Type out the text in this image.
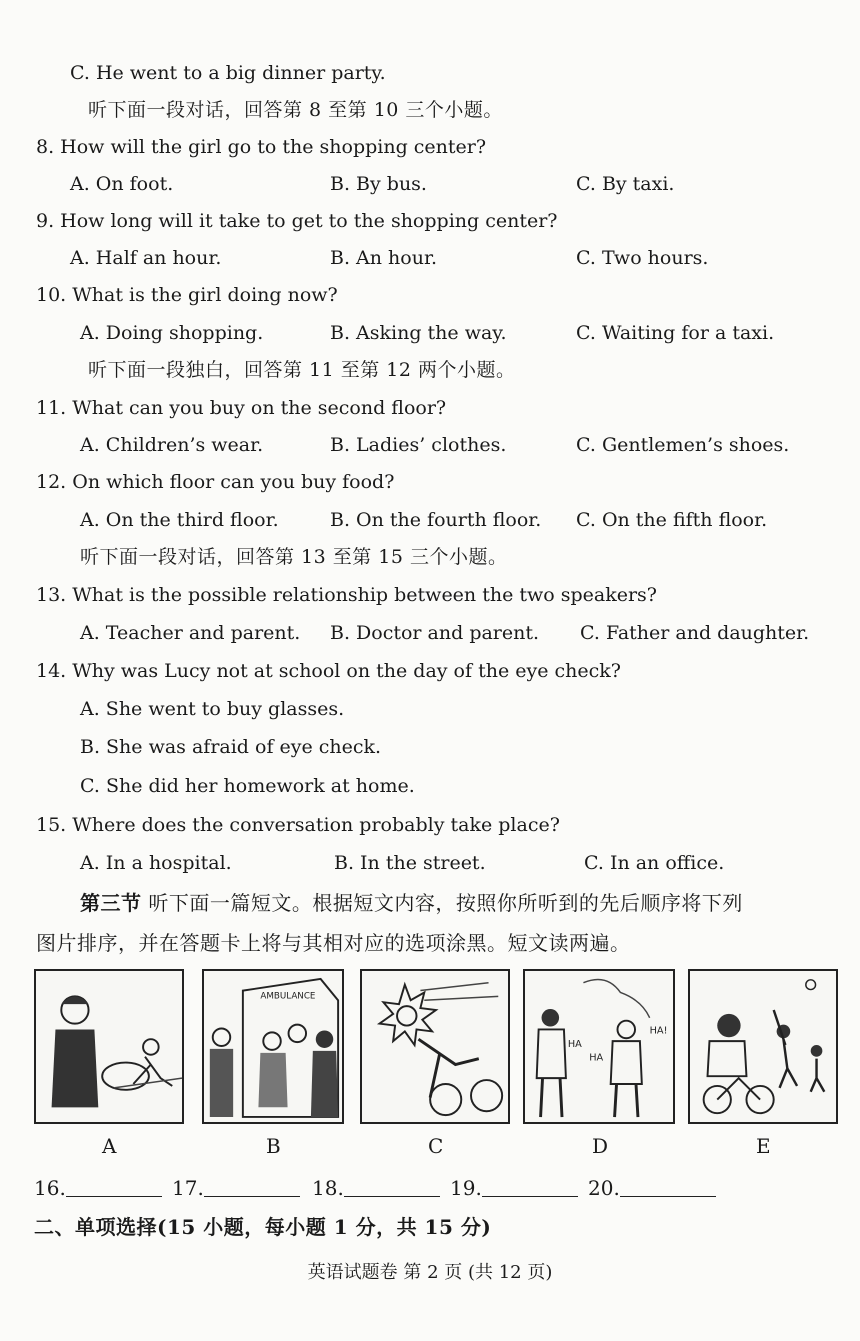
C. He went to a big dinner party.
听下面一段对话，回答第 8 至第 10 三个小题。
8. How will the girl go to the shopping center?
A. On foot.	B. By bus.	C. By taxi.
9. How long will it take to get to the shopping center?
A. Half an hour.	B. An hour.	C. Two hours.
10. What is the girl doing now?
A. Doing shopping.	B. Asking the way.	C. Waiting for a taxi.
听下面一段独白，回答第 11 至第 12 两个小题。
11. What can you buy on the second floor?
A. Children’s wear.	B. Ladies’ clothes.	C. Gentlemen’s shoes.
12. On which floor can you buy food?
A. On the third floor.	B. On the fourth floor. C. On the fifth floor.
听下面一段对话，回答第 13 至第 15 三个小题。
13. What is the possible relationship between the two speakers?
A. Teacher and parent. B. Doctor and parent. C. Father and daughter.
14. Why was Lucy not at school on the day of the eye check?
A. She went to buy glasses.
B. She was afraid of eye check.
C. She did her homework at home.
15. Where does the conversation probably take place?
A. In a hospital.	B. In the street.	C. In an office.
第三节 听下面一篇短文。根据短文内容，按照你所听到的先后顺序将下列
图片排序，并在答题卡上将与其相对应的选项涂黑。短文读两遍。
AMBULANCE
HA
HA
HA!
A	B	C	D	E
16.	17.	18.	19.	20.
二、单项选择(15 小题，每小题 1 分，共 15 分)
英语试题卷 第 2 页 (共 12 页)
